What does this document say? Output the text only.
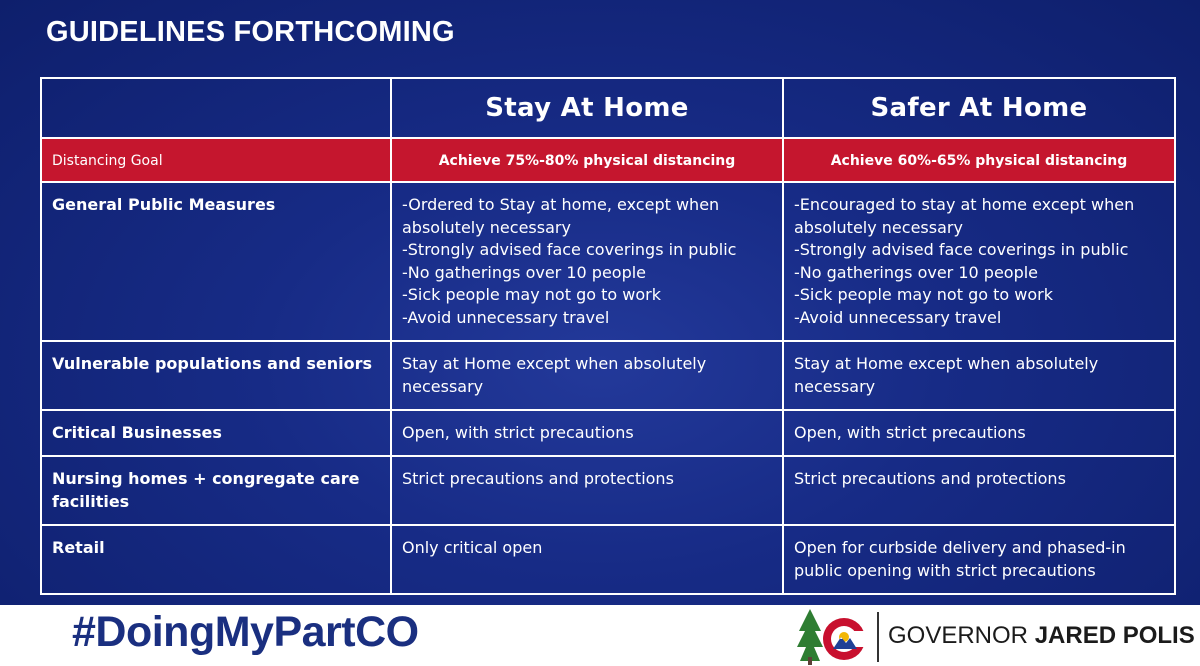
GUIDELINES FORTHCOMING
	Stay At Home	Safer At Home
Distancing Goal	Achieve 75%-80% physical distancing	Achieve 60%-65% physical distancing
General Public Measures	-Ordered to Stay at home, except when absolutely necessary
-Strongly advised face coverings in public
-No gatherings over 10 people
-Sick people may not go to work
-Avoid unnecessary travel	-Encouraged to stay at home except when absolutely necessary
-Strongly advised face coverings in public
-No gatherings over 10 people
-Sick people may not go to work
-Avoid unnecessary travel

Vulnerable populations and seniors	Stay at Home except when absolutely necessary	Stay at Home except when absolutely necessary
Critical Businesses	Open, with strict precautions	Open, with strict precautions
Nursing homes + congregate care facilities	Strict precautions and protections	Strict precautions and protections
Retail	Only critical open	Open for curbside delivery and phased-in public opening with strict precautions
#DoingMyPartCO	GOVERNOR JARED POLIS
